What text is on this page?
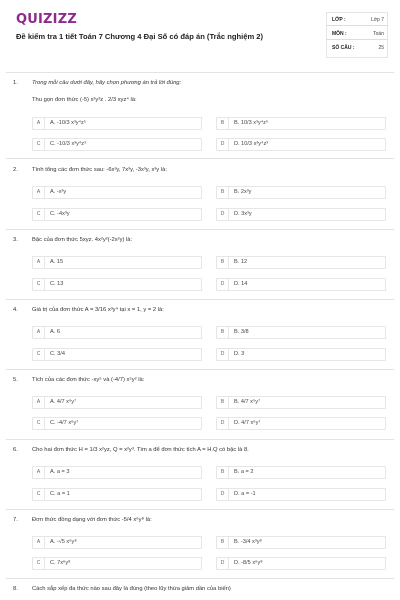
QUIZIZZ
Đề kiểm tra 1 tiết Toán 7 Chương 4 Đại Số có đáp án (Trắc nghiệm 2)
LỚP :	Lớp 7
MÔN :	Toán
SỐ CÂU :	25
1. Trong mỗi câu dưới đây, hãy chọn phương án trả lời đúng:
Thu gọn đơn thức (-5) x²y³z . 2/3 xyz⁴ là:
A	A. -10/3 x³y⁴z⁵	B	B. 10/3 x³y⁴z⁵
C	C. -10/3 x³y⁴z³	D	D. 10/3 x³y⁴z³
2. Tính tổng các đơn thức sau: -6x³y, 7x³y, -3x³y, x³y là:
A	A. -x³y	B	B. 2x³y
C	C. -4x³y	D	D. 3x³y
3. Bậc của đơn thức 5xyz. 4x²y²(-2x²y) là:
A	A. 15	B	B. 12
C	C. 13	D	D. 14
4. Giá trị của đơn thức A = 3/16 x³y⁴ tại x = 1, y = 2 là:
A	A. 6	B	B. 3/8
C	C. 3/4	D	D. 3
5. Tích của các đơn thức -xy⁵ và (-4/7) x⁵y² là:
A	A. 4/7 x⁶y⁷	B	B. 4/7 x⁵y⁷
C	C. -4/7 x⁶y⁷	D	D. 4/7 x⁶y⁷
6. Cho hai đơn thức H = 1/3 x²yz, Q = x²y³. Tìm a để đơn thức tích A = H.Q có bậc là 8.
A	A. a = 3	B	B. a = 2
C	C. a = 1	D	D. a = -1
7. Đơn thức đồng dạng với đơn thức -5/4 x⁶y⁸ là:
A	A. -√5 x⁶y⁸	B	B. -3/4 x³y⁸
C	C. 7x⁶y⁸	D	D. -8/5 x⁶y⁸
8. Cách sắp xếp đa thức nào sau đây là đúng (theo lũy thừa giảm dần của biến)
